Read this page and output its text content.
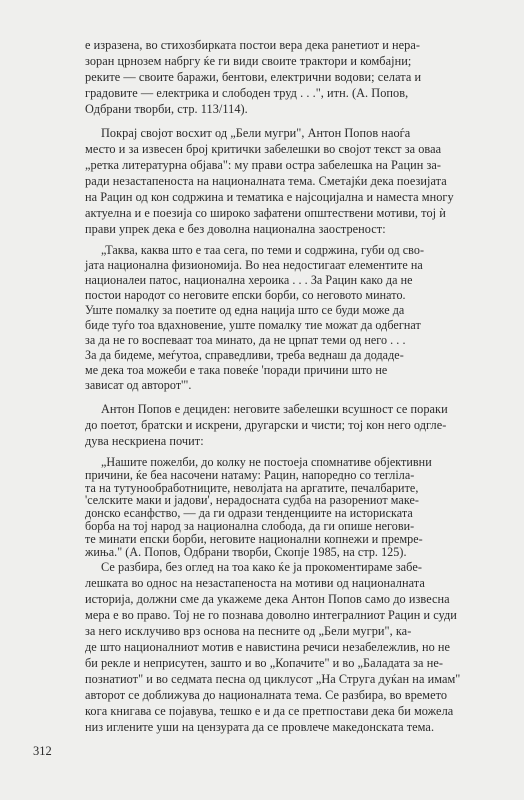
е изразена, во стихозбирката постои вера дека ранетиот и нера-
зоран црнозем набргу ќе ги види своите трактори и комбајни;
реките — своите баражи, бентови, електрични водови; селата и
градовите — електрика и слободен труд . . .", итн. (А. Попов,
Одбрани творби, стр. 113/114).
Покрај својот восхит од „Бели мугри", Антон Попов наоѓа
место и за извесен број критички забелешки во својот текст за оваа
„ретка литературна објава": му прави остра забелешка на Рацин за-
ради незастапеноста на националната тема. Сметајќи дека поезијата
на Рацин од кон содржина и тематика е најсоцијална и наместа многу
актуелна и е поезија со широко зафатени општествени мотиви, тој ѝ
прави упрек дека е без доволна национална заостреност:
„Таква, каква што е таа сега, по теми и содржина, губи од сво-
јата национална физиономија. Во неа недостигаат елементите на
националеи патос, национална хероика . . . За Рацин како да не
постои народот со неговите епски борби, со неговото минато.
Уште помалку за поетите од една нација што се буди може да
биде туѓо тоа вдахновение, уште помалку тие можат да одбегнат
за да не го воспеваат тоа минато, да не црпат теми од него . . .
За да бидеме, меѓутоа, справедливи, треба веднаш да додаде-
ме дека тоа можеби е така повеќе 'поради причини што не
зависат од авторот'".
Антон Попов е дециден: неговите забелешки всушност се пораки
до поетот, братски и искрени, другарски и чисти; тој кон него одгле-
дува нескриена почит:
„Нашите пожелби, до колку не постоеја спомнативе објективни
причини, ќе беа насочени натаму: Рацин, напоредно со тегліла-
та на тутунообработниците, неволјата на аргатите, печалбарите,
'селските маки и јадови', нерадосната судба на разорениот маке-
донско есанфство, — да ги одрази тенденциите на историската
борба на тој народ за национална слобода, да ги опише негови-
те минати епски борби, неговите национални копнежи и премре-
жиња." (А. Попов, Одбрани творби, Скопје 1985, на стр. 125).
Се разбира, без оглед на тоа како ќе ја прокоментираме забе-
лешката во однос на незастапеноста на мотиви од националната
историја, должни сме да укажеме дека Антон Попов само до извесна
мера е во право. Тој не го познава доволно интегралниот Рацин и суди
за него исклучиво врз основа на песните од „Бели мугри", ка-
де што националниот мотив е навистина речиси незабележлив, но не
би рекле и неприсутен, зашто и во „Копачите" и во „Баладата за не-
познатиот" и во седмата песна од циклусот „На Струга дуќан на имам"
авторот се доближува до националната тема. Се разбира, во времето
кога книгава се појавува, тешко е и да се претпостави дека би можела
низ иглените уши на цензурата да се провлече македонската тема.
312
